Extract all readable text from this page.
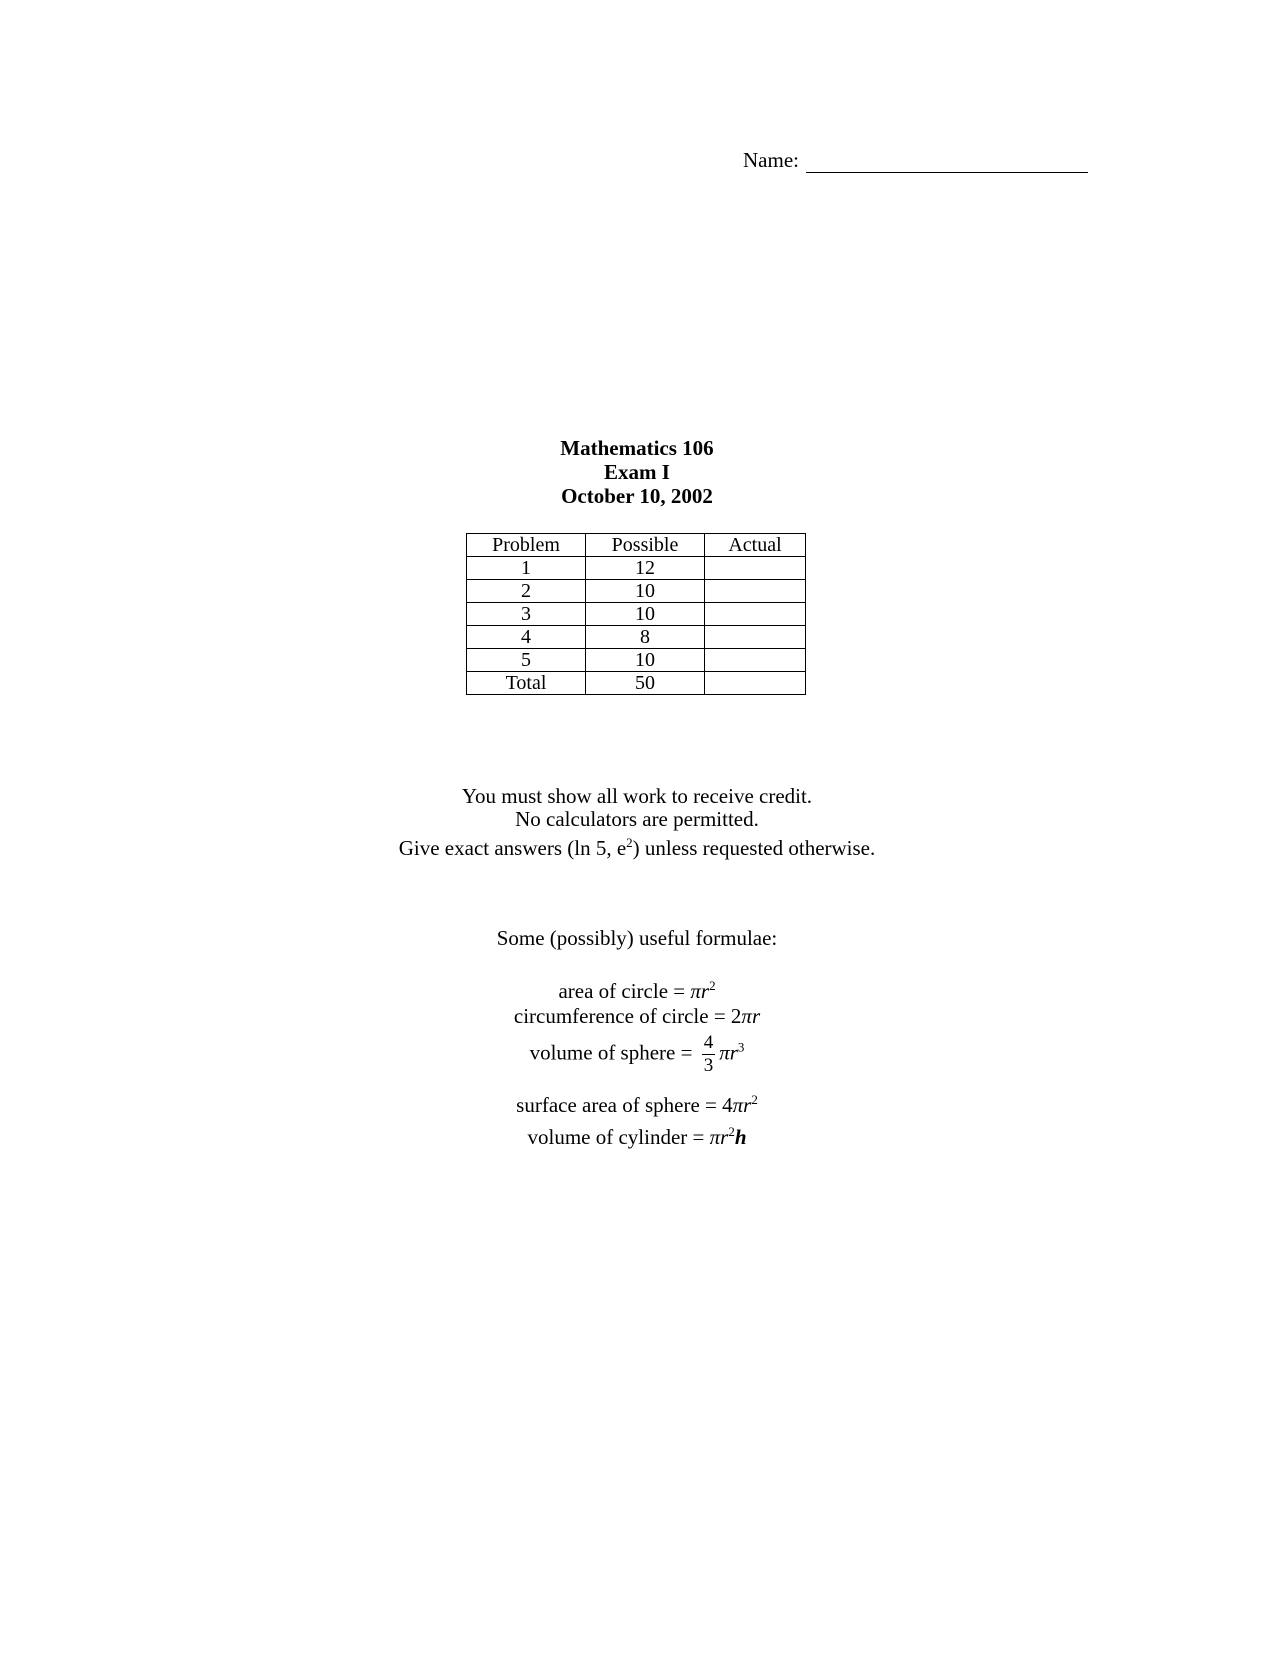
Name:
Mathematics 106
Exam I
October 10, 2002
Problem	Possible	Actual
1	12	
2	10	
3	10	
4	8	
5	10	
Total	50	
You must show all work to receive credit.
No calculators are permitted.
Give exact answers (ln 5, $e^2$) unless requested otherwise.
Some (possibly) useful formulae:
area of circle = $\pi r^2$
circumference of circle = 2πr
volume of sphere = $\frac{4}{3} \pi r^3$
surface area of sphere = $4\pi r^2$
volume of cylinder = $\pi r^2h$
